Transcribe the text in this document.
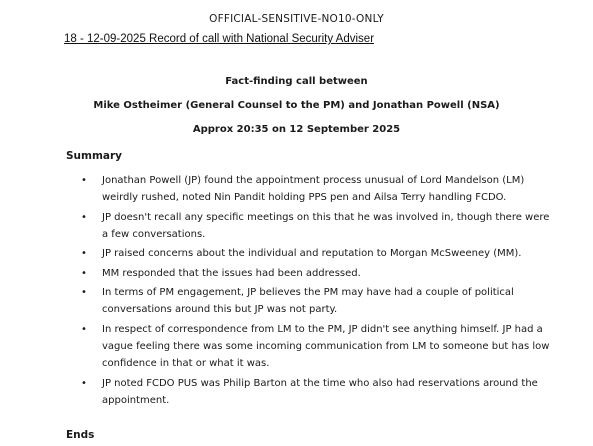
OFFICIAL-SENSITIVE-NO10-ONLY
18 - 12-09-2025 Record of call with National Security Adviser
Fact-finding call between
Mike Ostheimer (General Counsel to the PM) and Jonathan Powell (NSA)
Approx 20:35 on 12 September 2025
Summary
• Jonathan Powell (JP) found the appointment process unusual of Lord Mandelson (LM) weirdly rushed, noted Nin Pandit holding PPS pen and Ailsa Terry handling FCDO.
• JP doesn't recall any specific meetings on this that he was involved in, though there were a few conversations.
• JP raised concerns about the individual and reputation to Morgan McSweeney (MM).
• MM responded that the issues had been addressed.
• In terms of PM engagement, JP believes the PM may have had a couple of political conversations around this but JP was not party.
• In respect of correspondence from LM to the PM, JP didn't see anything himself. JP had a vague feeling there was some incoming communication from LM to someone but has low confidence in that or what it was.
• JP noted FCDO PUS was Philip Barton at the time who also had reservations around the appointment.
Ends
